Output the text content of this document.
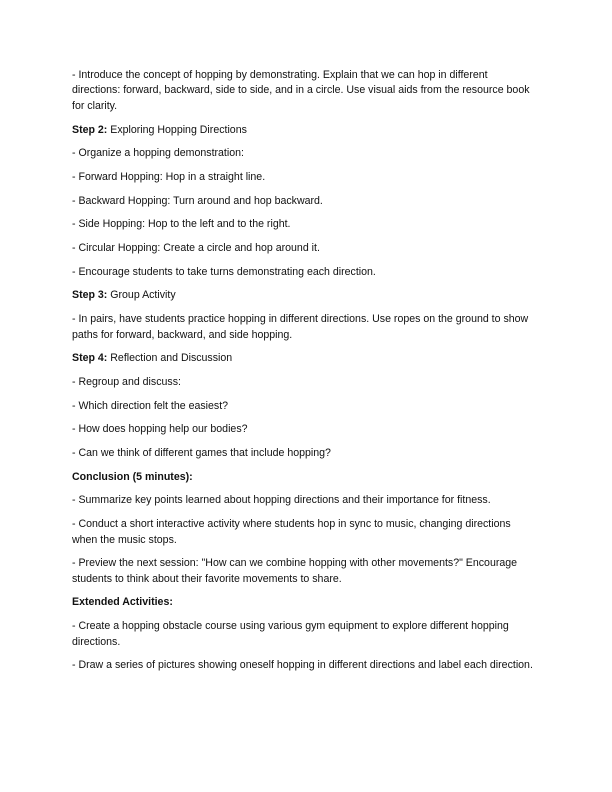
- Introduce the concept of hopping by demonstrating. Explain that we can hop in different directions: forward, backward, side to side, and in a circle. Use visual aids from the resource book for clarity.

Step 2: Exploring Hopping Directions

- Organize a hopping demonstration:

- Forward Hopping: Hop in a straight line.

- Backward Hopping: Turn around and hop backward.

- Side Hopping: Hop to the left and to the right.

- Circular Hopping: Create a circle and hop around it.

- Encourage students to take turns demonstrating each direction.

Step 3: Group Activity

- In pairs, have students practice hopping in different directions. Use ropes on the ground to show paths for forward, backward, and side hopping.

Step 4: Reflection and Discussion

- Regroup and discuss:

- Which direction felt the easiest?

- How does hopping help our bodies?

- Can we think of different games that include hopping?

Conclusion (5 minutes):

- Summarize key points learned about hopping directions and their importance for fitness.

- Conduct a short interactive activity where students hop in sync to music, changing directions when the music stops.

- Preview the next session: "How can we combine hopping with other movements?" Encourage students to think about their favorite movements to share.

Extended Activities:

- Create a hopping obstacle course using various gym equipment to explore different hopping directions.

- Draw a series of pictures showing oneself hopping in different directions and label each direction.
